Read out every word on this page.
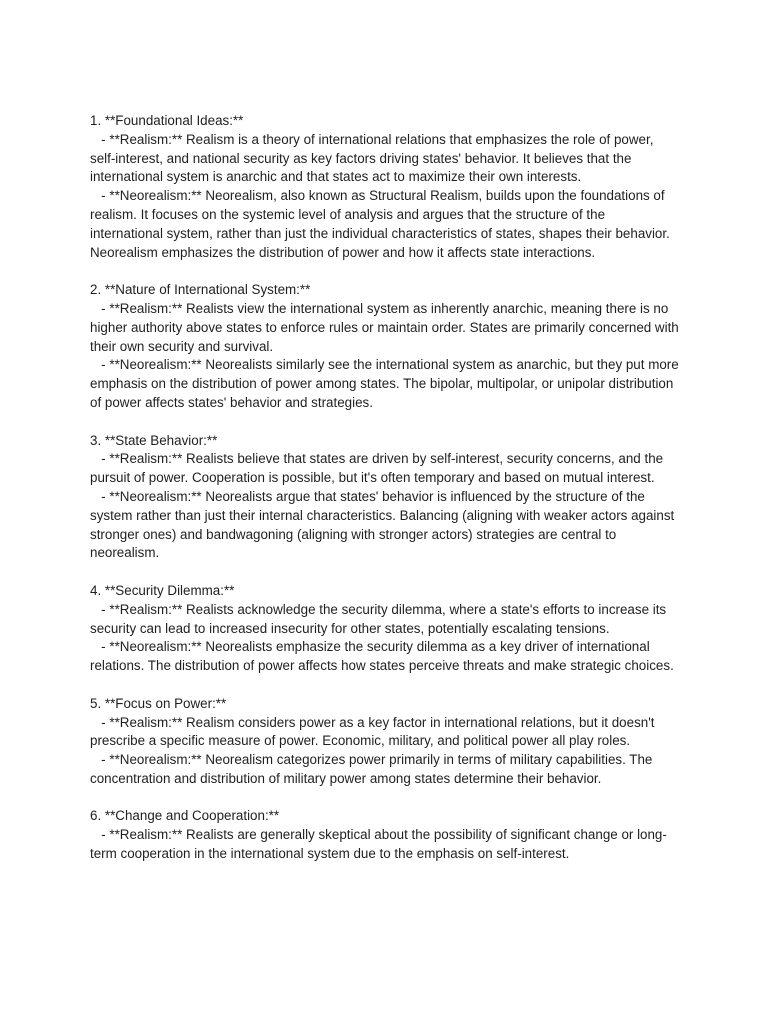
1. **Foundational Ideas:**
- **Realism:** Realism is a theory of international relations that emphasizes the role of power, self-interest, and national security as key factors driving states' behavior. It believes that the international system is anarchic and that states act to maximize their own interests.
- **Neorealism:** Neorealism, also known as Structural Realism, builds upon the foundations of realism. It focuses on the systemic level of analysis and argues that the structure of the international system, rather than just the individual characteristics of states, shapes their behavior. Neorealism emphasizes the distribution of power and how it affects state interactions.
2. **Nature of International System:**
- **Realism:** Realists view the international system as inherently anarchic, meaning there is no higher authority above states to enforce rules or maintain order. States are primarily concerned with their own security and survival.
- **Neorealism:** Neorealists similarly see the international system as anarchic, but they put more emphasis on the distribution of power among states. The bipolar, multipolar, or unipolar distribution of power affects states' behavior and strategies.
3. **State Behavior:**
- **Realism:** Realists believe that states are driven by self-interest, security concerns, and the pursuit of power. Cooperation is possible, but it's often temporary and based on mutual interest.
- **Neorealism:** Neorealists argue that states' behavior is influenced by the structure of the system rather than just their internal characteristics. Balancing (aligning with weaker actors against stronger ones) and bandwagoning (aligning with stronger actors) strategies are central to neorealism.
4. **Security Dilemma:**
- **Realism:** Realists acknowledge the security dilemma, where a state's efforts to increase its security can lead to increased insecurity for other states, potentially escalating tensions.
- **Neorealism:** Neorealists emphasize the security dilemma as a key driver of international relations. The distribution of power affects how states perceive threats and make strategic choices.
5. **Focus on Power:**
- **Realism:** Realism considers power as a key factor in international relations, but it doesn't prescribe a specific measure of power. Economic, military, and political power all play roles.
- **Neorealism:** Neorealism categorizes power primarily in terms of military capabilities. The concentration and distribution of military power among states determine their behavior.
6. **Change and Cooperation:**
- **Realism:** Realists are generally skeptical about the possibility of significant change or long-term cooperation in the international system due to the emphasis on self-interest.
